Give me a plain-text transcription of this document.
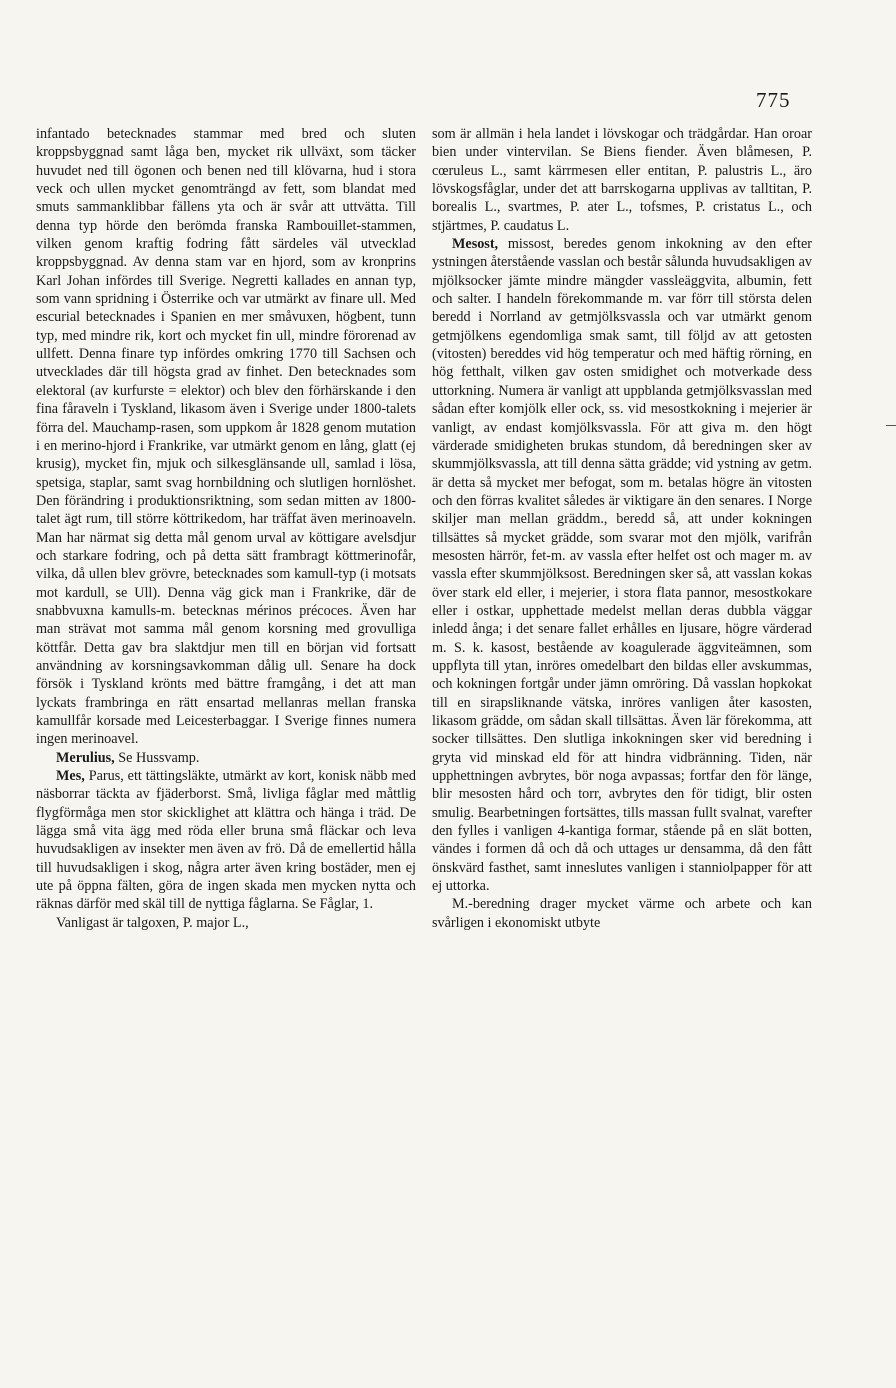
775

infantado betecknades stammar med bred och sluten kroppsbyggnad samt låga ben, mycket rik ullväxt, som täcker huvudet ned till ögonen och benen ned till klövarna, hud i stora veck och ullen mycket genomträngd av fett, som blandat med smuts sammanklibbar fällens yta och är svår att uttvätta. Till denna typ hörde den berömda franska Rambouillet-stammen, vilken genom kraftig fodring fått särdeles väl utvecklad kroppsbyggnad. Av denna stam var en hjord, som av kronprins Karl Johan infördes till Sverige. Negretti kallades en annan typ, som vann spridning i Österrike och var utmärkt av finare ull. Med escurial betecknades i Spanien en mer småvuxen, högbent, tunn typ, med mindre rik, kort och mycket fin ull, mindre förorenad av ullfett. Denna finare typ infördes omkring 1770 till Sachsen och utvecklades där till högsta grad av finhet. Den betecknades som elektoral (av kurfurste = elektor) och blev den förhärskande i den fina fåraveln i Tyskland, likasom även i Sverige under 1800-talets förra del. Mauchamp-rasen, som uppkom år 1828 genom mutation i en merino-hjord i Frankrike, var utmärkt genom en lång, glatt (ej krusig), mycket fin, mjuk och silkesglänsande ull, samlad i lösa, spetsiga, staplar, samt svag hornbildning och slutligen hornlöshet. Den förändring i produktionsriktning, som sedan mitten av 1800-talet ägt rum, till större köttrikedom, har träffat även merinoaveln. Man har närmat sig detta mål genom urval av köttigare avelsdjur och starkare fodring, och på detta sätt frambragt köttmerinofår, vilka, då ullen blev grövre, betecknades som kamull-typ (i motsats mot kardull, se Ull). Denna väg gick man i Frankrike, där de snabbvuxna kamulls-m. betecknas mérinos précoces. Även har man strävat mot samma mål genom korsning med grovulliga köttfår. Detta gav bra slaktdjur men till en början vid fortsatt användning av korsningsavkomman dålig ull. Senare ha dock försök i Tyskland krönts med bättre framgång, i det att man lyckats frambringa en rätt ensartad mellanras mellan franska kamullfår korsade med Leicesterbaggar. I Sverige finnes numera ingen merinoavel.

Merulius, Se Hussvamp.

Mes, Parus, ett tättingsläkte, utmärkt av kort, konisk näbb med näsborrar täckta av fjäderborst. Små, livliga fåglar med måttlig flygförmåga men stor skicklighet att klättra och hänga i träd. De lägga små vita ägg med röda eller bruna små fläckar och leva huvudsakligen av insekter men även av frö. Då de emellertid hålla till huvudsakligen i skog, några arter även kring bostäder, men ej ute på öppna fälten, göra de ingen skada men mycken nytta och räknas därför med skäl till de nyttiga fåglarna. Se Fåglar, 1.

Vanligast är talgoxen, P. major L.,

som är allmän i hela landet i lövskogar och trädgårdar. Han oroar bien under vintervilan. Se Biens fiender. Även blåmesen, P. cœruleus L., samt kärrmesen eller entitan, P. palustris L., äro lövskogsfåglar, under det att barrskogarna upplivas av talltitan, P. borealis L., svartmes, P. ater L., tofsmes, P. cristatus L., och stjärtmes, P. caudatus L.

Mesost, missost, beredes genom inkokning av den efter ystningen återstående vasslan och består sålunda huvudsakligen av mjölksocker jämte mindre mängder vassleäggvita, albumin, fett och salter. I handeln förekommande m. var förr till största delen beredd i Norrland av getmjölksvassla och var utmärkt genom getmjölkens egendomliga smak samt, till följd av att getosten (vitosten) bereddes vid hög temperatur och med häftig rörning, en hög fetthalt, vilken gav osten smidighet och motverkade dess uttorkning. Numera är vanligt att uppblanda getmjölksvasslan med sådan efter komjölk eller ock, ss. vid mesostkokning i mejerier är vanligt, av endast komjölksvassla. För att giva m. den högt värderade smidigheten brukas stundom, då beredningen sker av skummjölksvassla, att till denna sätta grädde; vid ystning av getm. är detta så mycket mer befogat, som m. betalas högre än vitosten och den förras kvalitet således är viktigare än den senares. I Norge skiljer man mellan gräddm., beredd så, att under kokningen tillsättes så mycket grädde, som svarar mot den mjölk, varifrån mesosten härrör, fet-m. av vassla efter helfet ost och mager m. av vassla efter skummjölksost. Beredningen sker så, att vasslan kokas över stark eld eller, i mejerier, i stora flata pannor, mesostkokare eller i ostkar, upphettade medelst mellan deras dubbla väggar inledd ånga; i det senare fallet erhålles en ljusare, högre värderad m. S. k. kasost, bestående av koagulerade äggviteämnen, som uppflyta till ytan, inröres omedelbart den bildas eller avskummas, och kokningen fortgår under jämn omröring. Då vasslan hopkokat till en sirapsliknande vätska, inröres vanligen åter kasosten, likasom grädde, om sådan skall tillsättas. Även lär förekomma, att socker tillsättes. Den slutliga inkokningen sker vid beredning i gryta vid minskad eld för att hindra vidbränning. Tiden, när upphettningen avbrytes, bör noga avpassas; fortfar den för länge, blir mesosten hård och torr, avbrytes den för tidigt, blir osten smulig. Bearbetningen fortsättes, tills massan fullt svalnat, varefter den fylles i vanligen 4-kantiga formar, stående på en slät botten, vändes i formen då och då och uttages ur densamma, då den fått önskvärd fasthet, samt inneslutes vanligen i stanniolpapper för att ej uttorka.

M.-beredning drager mycket värme och arbete och kan svårligen i ekonomiskt utbyte
